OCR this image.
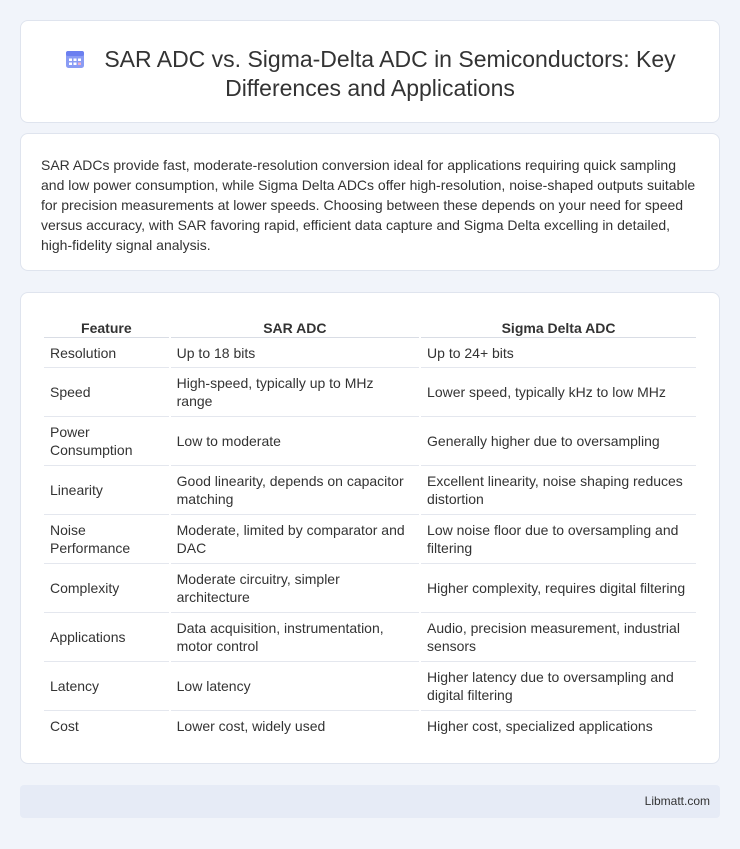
SAR ADC vs. Sigma-Delta ADC in Semiconductors: Key Differences and Applications

SAR ADCs provide fast, moderate-resolution conversion ideal for applications requiring quick sampling and low power consumption, while Sigma Delta ADCs offer high-resolution, noise-shaped outputs suitable for precision measurements at lower speeds. Choosing between these depends on your need for speed versus accuracy, with SAR favoring rapid, efficient data capture and Sigma Delta excelling in detailed, high-fidelity signal analysis.

Feature	SAR ADC	Sigma Delta ADC
Resolution	Up to 18 bits	Up to 24+ bits
Speed	High-speed, typically up to MHz range	Lower speed, typically kHz to low MHz
Power Consumption	Low to moderate	Generally higher due to oversampling
Linearity	Good linearity, depends on capacitor matching	Excellent linearity, noise shaping reduces distortion
Noise Performance	Moderate, limited by comparator and DAC	Low noise floor due to oversampling and filtering
Complexity	Moderate circuitry, simpler architecture	Higher complexity, requires digital filtering
Applications	Data acquisition, instrumentation, motor control	Audio, precision measurement, industrial sensors
Latency	Low latency	Higher latency due to oversampling and digital filtering
Cost	Lower cost, widely used	Higher cost, specialized applications
Libmatt.com
